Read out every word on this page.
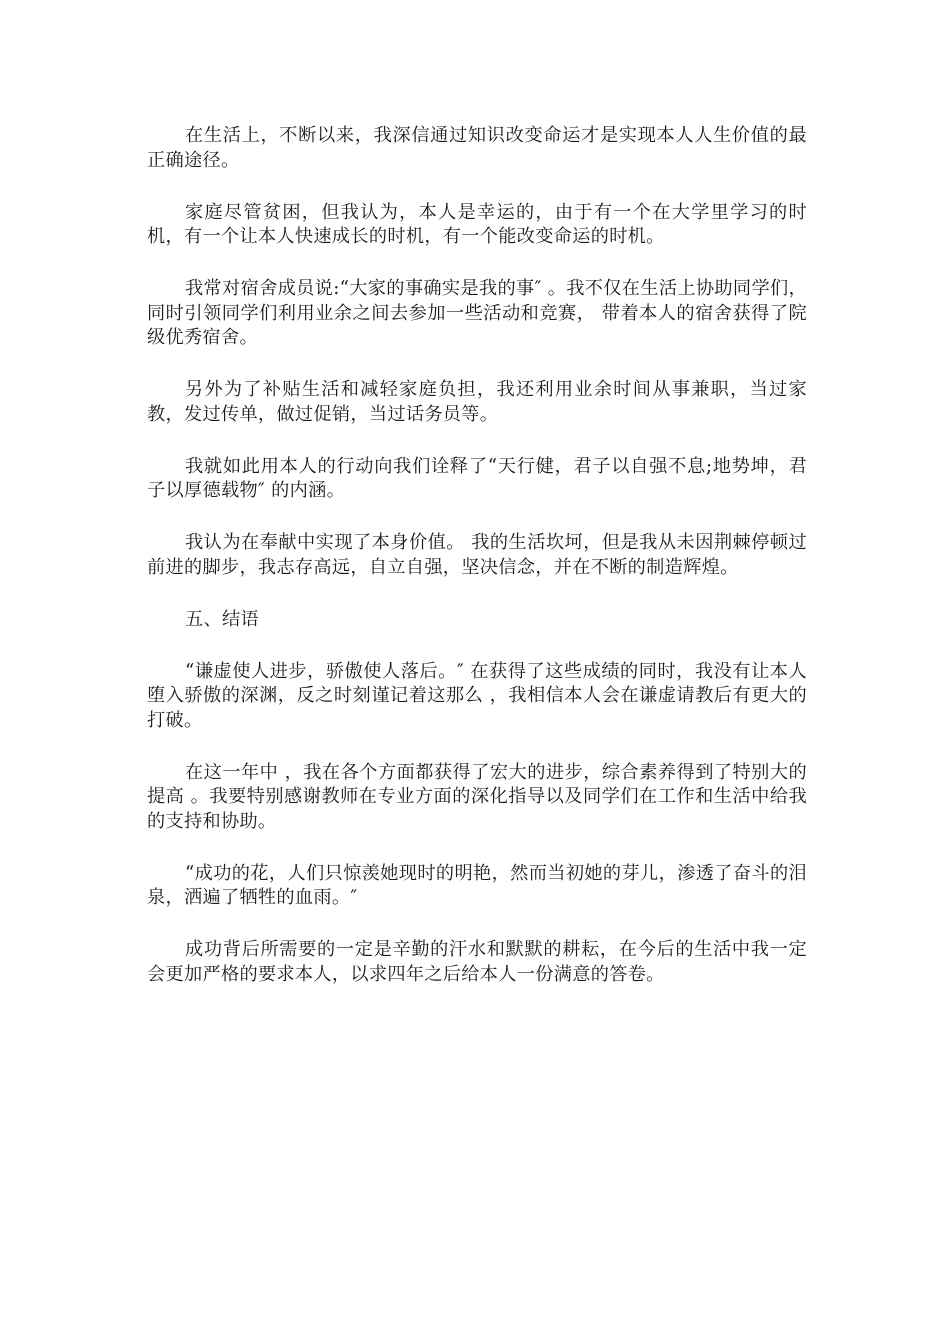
在生活上，不断以来，我深信通过知识改变命运才是实现本人人生价值的最正确途径。

家庭尽管贫困，但我认为，本人是幸运的，由于有一个在大学里学习的时机，有一个让本人快速成长的时机，有一个能改变命运的时机。

我常对宿舍成员说:“大家的事确实是我的事″ 。我不仅在生活上协助同学们，同时引领同学们利用业余之间去参加一些活动和竞赛， 带着本人的宿舍获得了院级优秀宿舍。

另外为了补贴生活和减轻家庭负担，我还利用业余时间从事兼职，当过家教，发过传单，做过促销，当过话务员等。

我就如此用本人的行动向我们诠释了“天行健，君子以自强不息;地势坤，君子以厚德载物″ 的内涵。

我认为在奉献中实现了本身价值。 我的生活坎坷，但是我从未因荆棘停顿过前进的脚步，我志存高远，自立自强，坚决信念，并在不断的制造辉煌。

五、结语

“谦虚使人进步，骄傲使人落后。″ 在获得了这些成绩的同时，我没有让本人堕入骄傲的深渊，反之时刻谨记着这那么 ，我相信本人会在谦虚请教后有更大的打破。

在这一年中 ，我在各个方面都获得了宏大的进步，综合素养得到了特别大的提高 。我要特别感谢教师在专业方面的深化指导以及同学们在工作和生活中给我的支持和协助。

“成功的花，人们只惊羡她现时的明艳，然而当初她的芽儿，渗透了奋斗的泪泉，洒遍了牺牲的血雨。″

成功背后所需要的一定是辛勤的汗水和默默的耕耘，在今后的生活中我一定会更加严格的要求本人，以求四年之后给本人一份满意的答卷。
